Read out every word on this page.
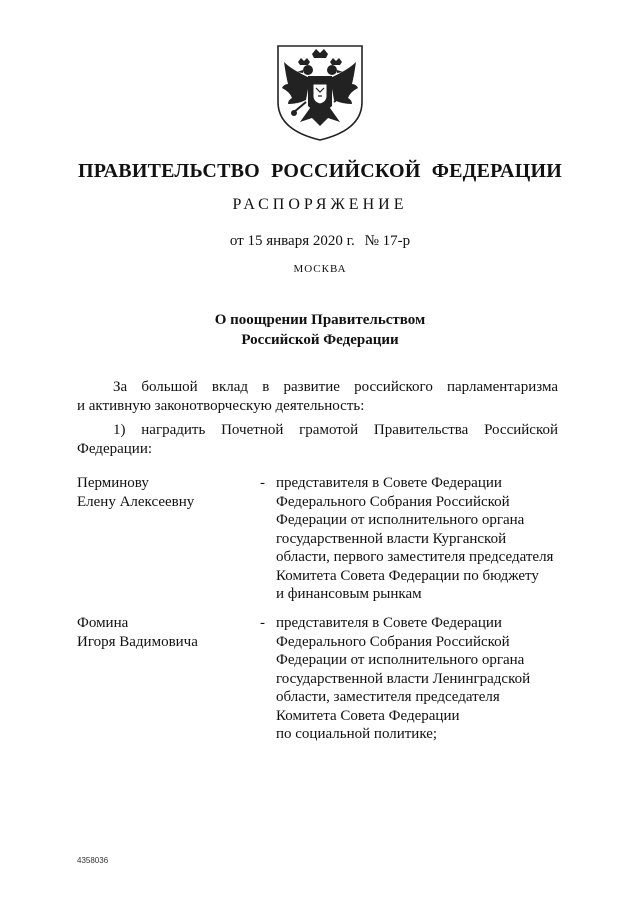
ПРАВИТЕЛЬСТВО РОССИЙСКОЙ ФЕДЕРАЦИИ
РАСПОРЯЖЕНИЕ
от 15 января 2020 г. № 17-р
МОСКВА
О поощрении Правительством
Российской Федерации
За большой вклад в развитие российского парламентаризма
и активную законотворческую деятельность:
1) наградить Почетной грамотой Правительства Российской
Федерации:
Перминову
Елену Алексеевну
- представителя в Совете Федерации
Федерального Собрания Российской
Федерации от исполнительного органа
государственной власти Курганской
области, первого заместителя председателя
Комитета Совета Федерации по бюджету
и финансовым рынкам
Фомина
Игоря Вадимовича
- представителя в Совете Федерации
Федерального Собрания Российской
Федерации от исполнительного органа
государственной власти Ленинградской
области, заместителя председателя
Комитета Совета Федерации
по социальной политике;
4358036
